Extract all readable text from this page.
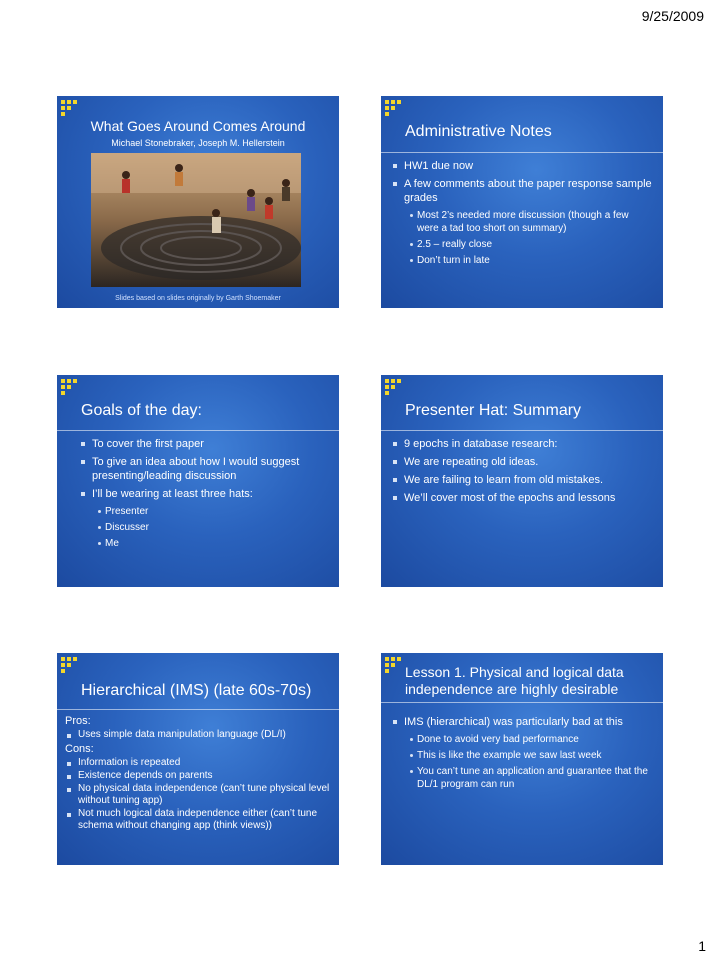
9/25/2009
What Goes Around Comes Around
Michael Stonebraker, Joseph M. Hellerstein
Slides based on slides originally by Garth Shoemaker
Administrative Notes
HW1 due now
A few comments about the paper response sample grades
Most 2’s needed more discussion (though a few were a tad too short on summary)
2.5 – really close
Don’t turn in late
Goals of the day:
To cover the first paper
To give an idea about how I would suggest presenting/leading discussion
I’ll be wearing at least three hats:
Presenter
Discusser
Me
Presenter Hat: Summary
9 epochs in database research:
We are repeating old ideas.
We are failing to learn from old mistakes.
We’ll cover most of the epochs and lessons
Hierarchical (IMS) (late 60s-70s)
Pros:
Uses simple data manipulation language (DL/I)
Cons:
Information is repeated
Existence depends on parents
No physical data independence (can’t tune physical level without tuning app)
Not much logical data independence either (can’t tune schema without changing app (think views))
Lesson 1. Physical and logical data independence are highly desirable
IMS (hierarchical) was particularly bad at this
Done to avoid very bad performance
This is like the example we saw last week
You can’t tune an application and guarantee that the DL/1 program can run
1
